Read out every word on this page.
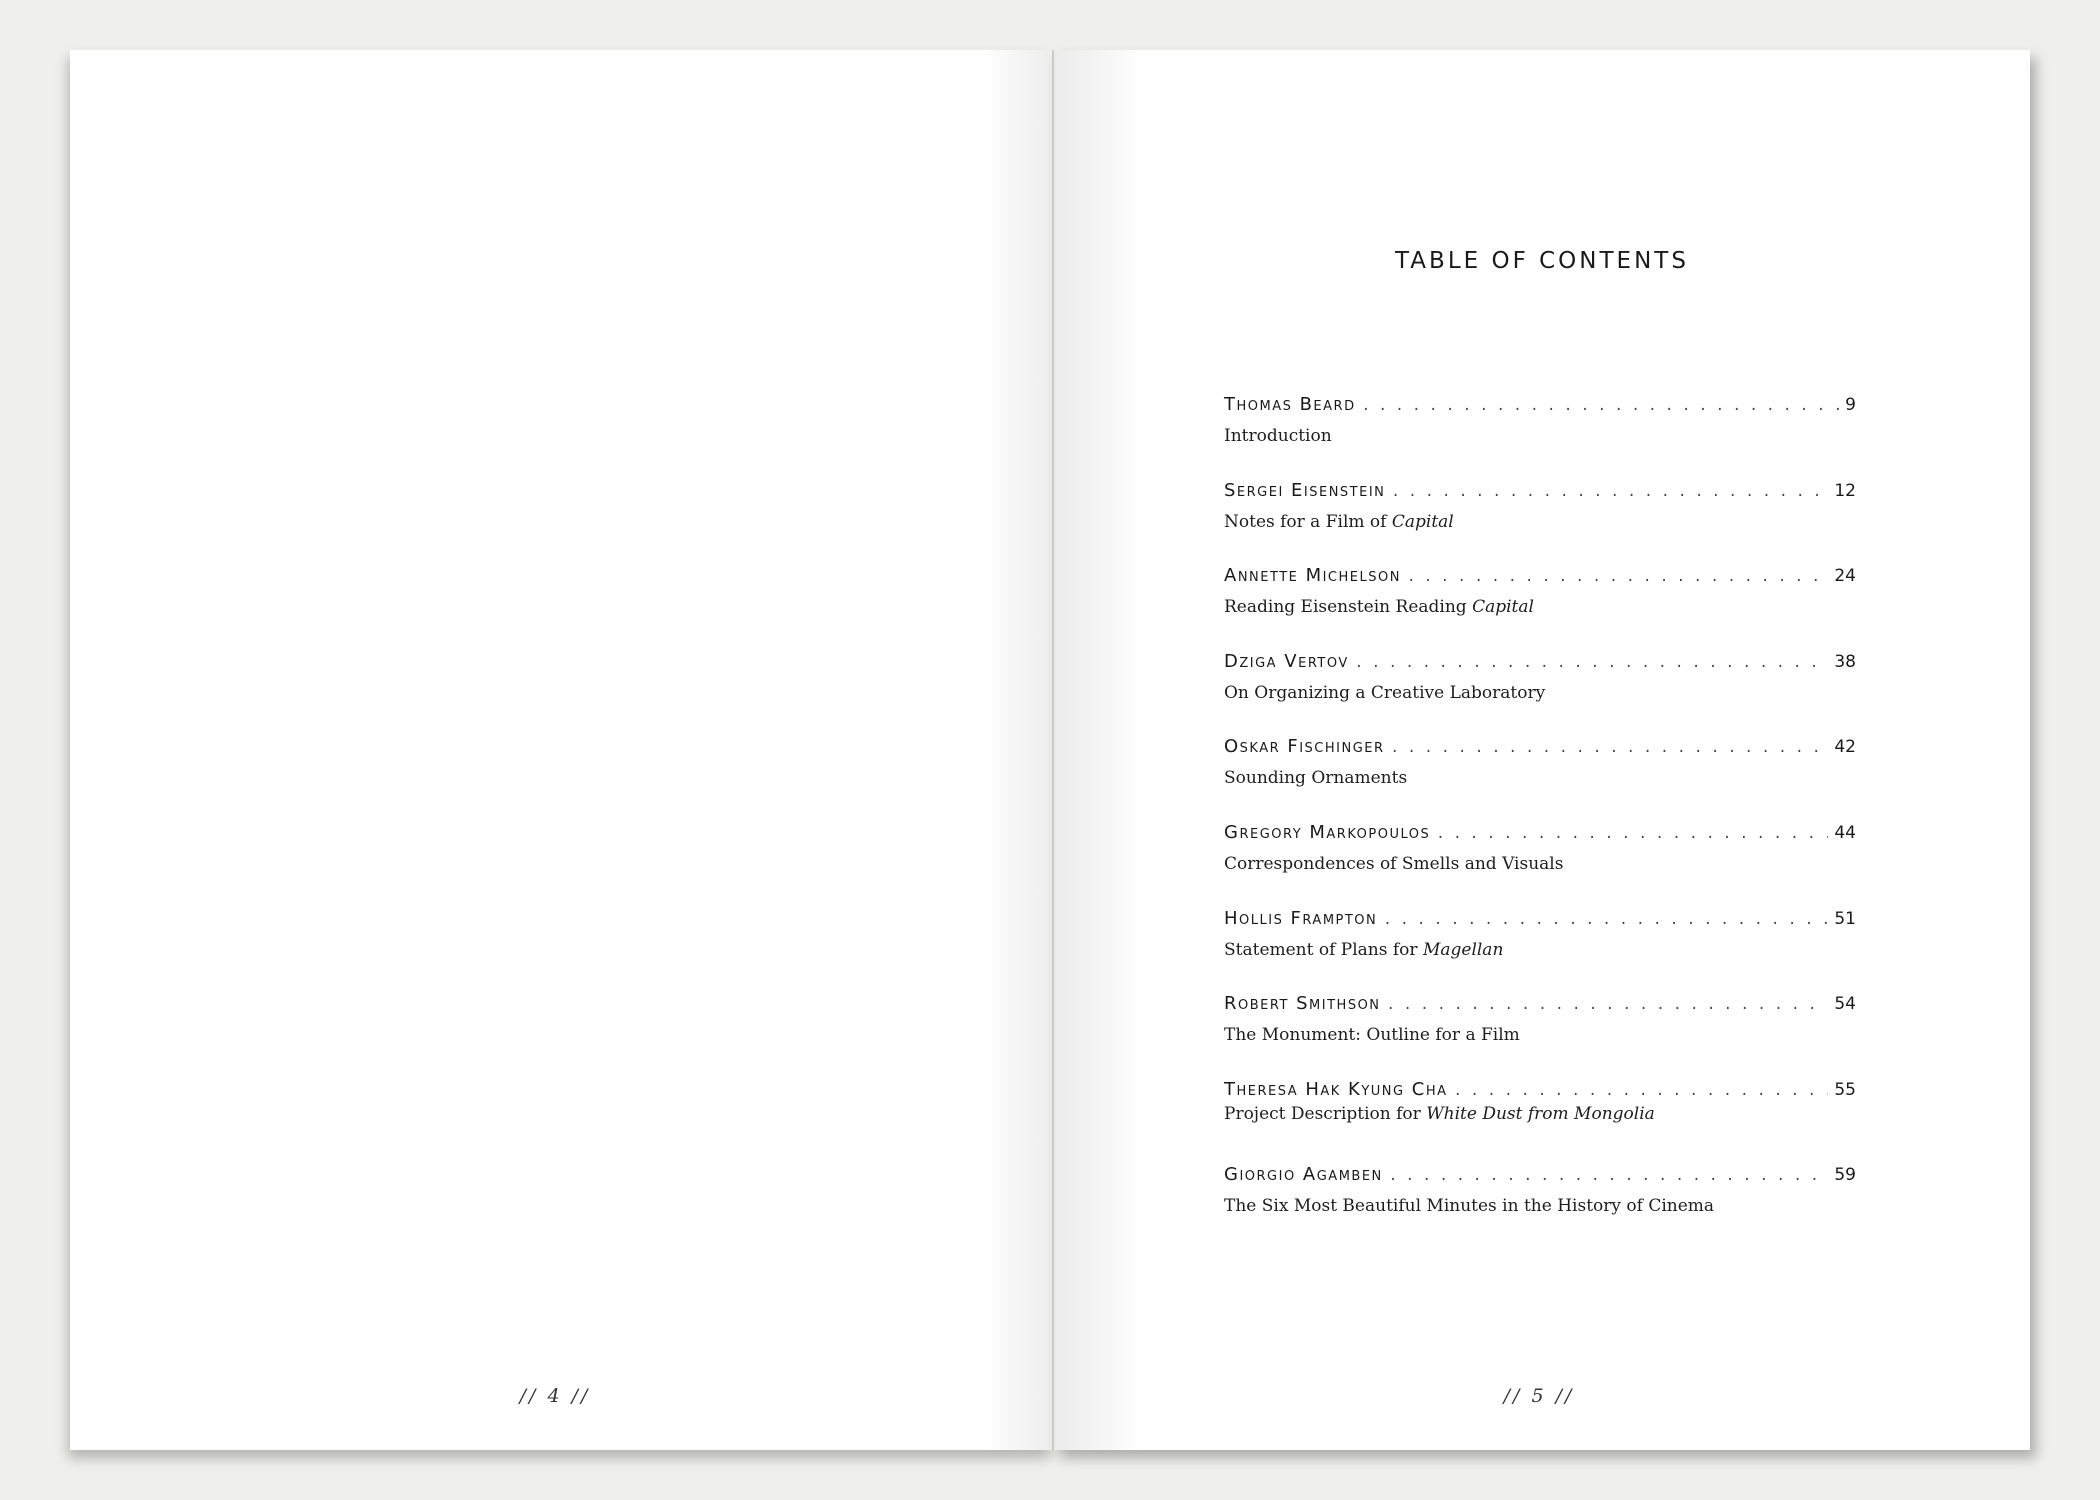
// 4 //
TABLE OF CONTENTS
Thomas Beard . . .	9
Introduction
Sergei Eisenstein . . .	12
Notes for a Film of Capital
Annette Michelson . . .	24
Reading Eisenstein Reading Capital
Dziga Vertov . . .	38
On Organizing a Creative Laboratory
Oskar Fischinger . . .	42
Sounding Ornaments
Gregory Markopoulos . . .	44
Correspondences of Smells and Visuals
Hollis Frampton . . .	51
Statement of Plans for Magellan
Robert Smithson . . .	54
The Monument: Outline for a Film
Theresa Hak Kyung Cha . . .	55
Project Description for White Dust from Mongolia
Giorgio Agamben . . .	59
The Six Most Beautiful Minutes in the History of Cinema
// 5 //
